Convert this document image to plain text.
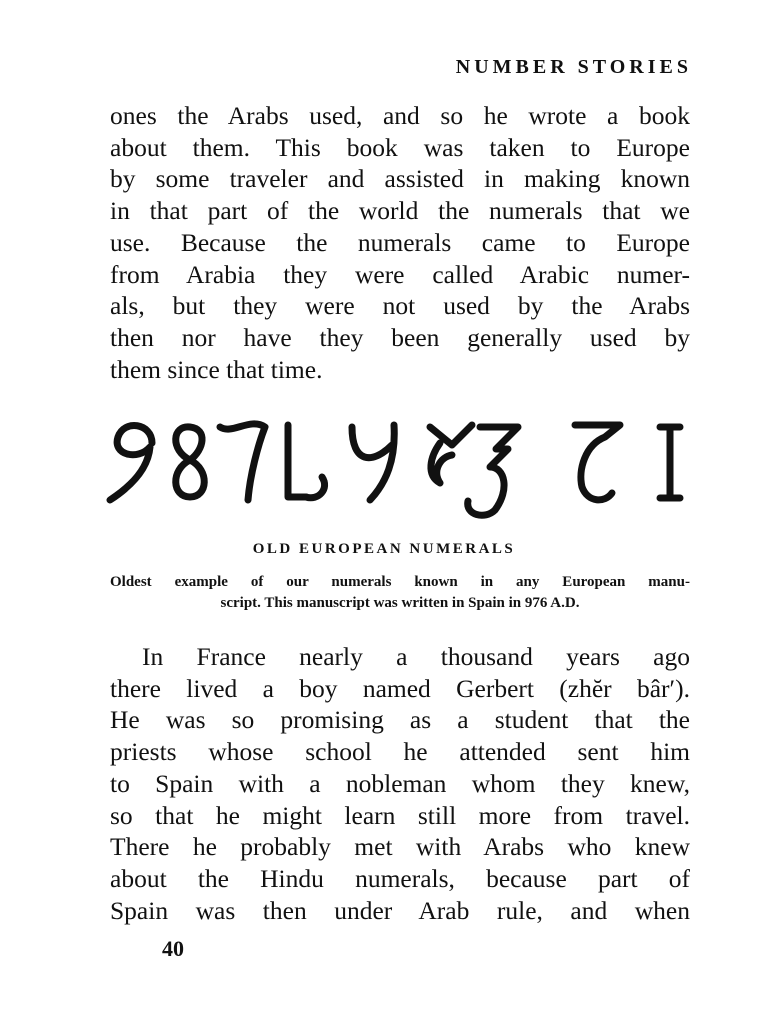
NUMBER STORIES
ones the Arabs used, and so he wrote a book
about them. This book was taken to Europe
by some traveler and assisted in making known
in that part of the world the numerals that we
use. Because the numerals came to Europe
from Arabia they were called Arabic numer-
als, but they were not used by the Arabs
then nor have they been generally used by
them since that time.
OLD EUROPEAN NUMERALS
Oldest example of our numerals known in any European manu-
script. This manuscript was written in Spain in 976 A.D.
In France nearly a thousand years ago
there lived a boy named Gerbert (zhĕr bâr′).
He was so promising as a student that the
priests whose school he attended sent him
to Spain with a nobleman whom they knew,
so that he might learn still more from travel.
There he probably met with Arabs who knew
about the Hindu numerals, because part of
Spain was then under Arab rule, and when
40
